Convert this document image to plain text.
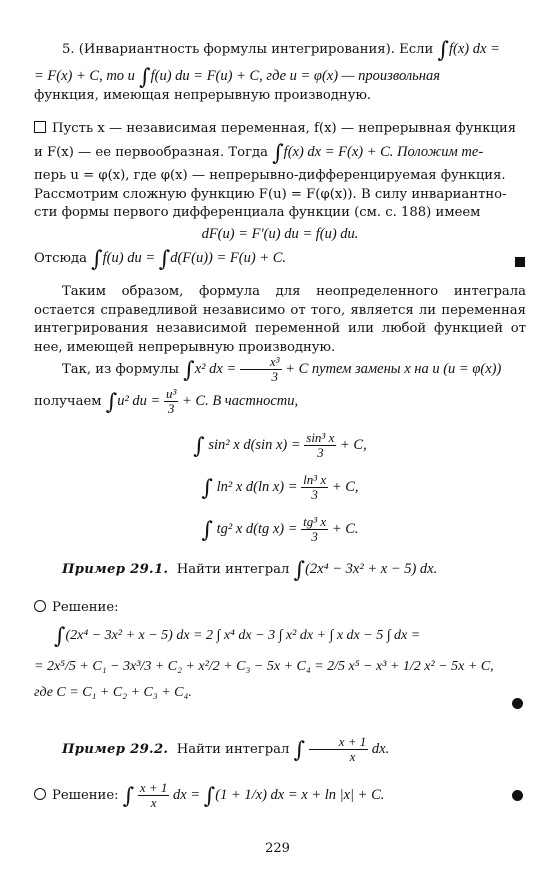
5. (Инвариантность формулы интегрирования). Если ∫f(x) dx =

= F(x) + C, то и ∫f(u) du = F(u) + C, где u = φ(x) — произвольная

функция, имеющая непрерывную производную.

Пусть x — независимая переменная, f(x) — непрерывная функция

и F(x) — ее первообразная. Тогда ∫f(x) dx = F(x) + C. Положим те-

перь u = φ(x), где φ(x) — непрерывно-дифференцируемая функция.

Рассмотрим сложную функцию F(u) = F(φ(x)). В силу инвариантно-

сти формы первого дифференциала функции (см. с. 188) имеем

dF(u) = F′(u) du = f(u) du.

Отсюда ∫f(u) du = ∫d(F(u)) = F(u) + C.

Таким образом, формула для неопределенного интеграла остается справедливой независимо от того, является ли переменная интегрирования независимой переменной или любой функцией от нее, имеющей непрерывную производную.

Так, из формулы ∫x² dx = $\frac{\text{x³}}{3} + C$ путем замены x на u (u = φ(x))

получаем ∫u² du = $\frac{\text{u³}}{3} + C$. В частности,

∫ sin² x d(sin $x) = \frac{\text{sin³ x}}{3} + C$,
∫ ln² x d(ln $x) = \frac{\text{ln³ x}}{3} + C$,
∫ tg² x d(tg $x) = \frac{\text{tg³ x}}{3} + C$.

Пример 29.1. Найти интеграл ∫(2x⁴ − 3x² + x − 5) dx.

Решение:

∫(2x⁴ − 3x² + x − 5) dx = 2 ∫ x⁴ dx − 3 ∫ x² dx + ∫ x dx − 5 ∫ dx =
= 2x⁵/5 + C₁ − 3x³/3 + C₂ + x²/2 + C₃ − 5x + C₄ = 2/5 x⁵ − x³ + 1/2 x² − 5x + C,

где C = C₁ + C₂ + C₃ + C₄.

Пример 29.2. Найти интеграл ∫ $\frac{x + 1}{x}$ dx.

Решение: ∫ $\frac{x + 1}{x}$ dx = ∫(1 + 1/x) dx = x + ln |x| + C.

229
